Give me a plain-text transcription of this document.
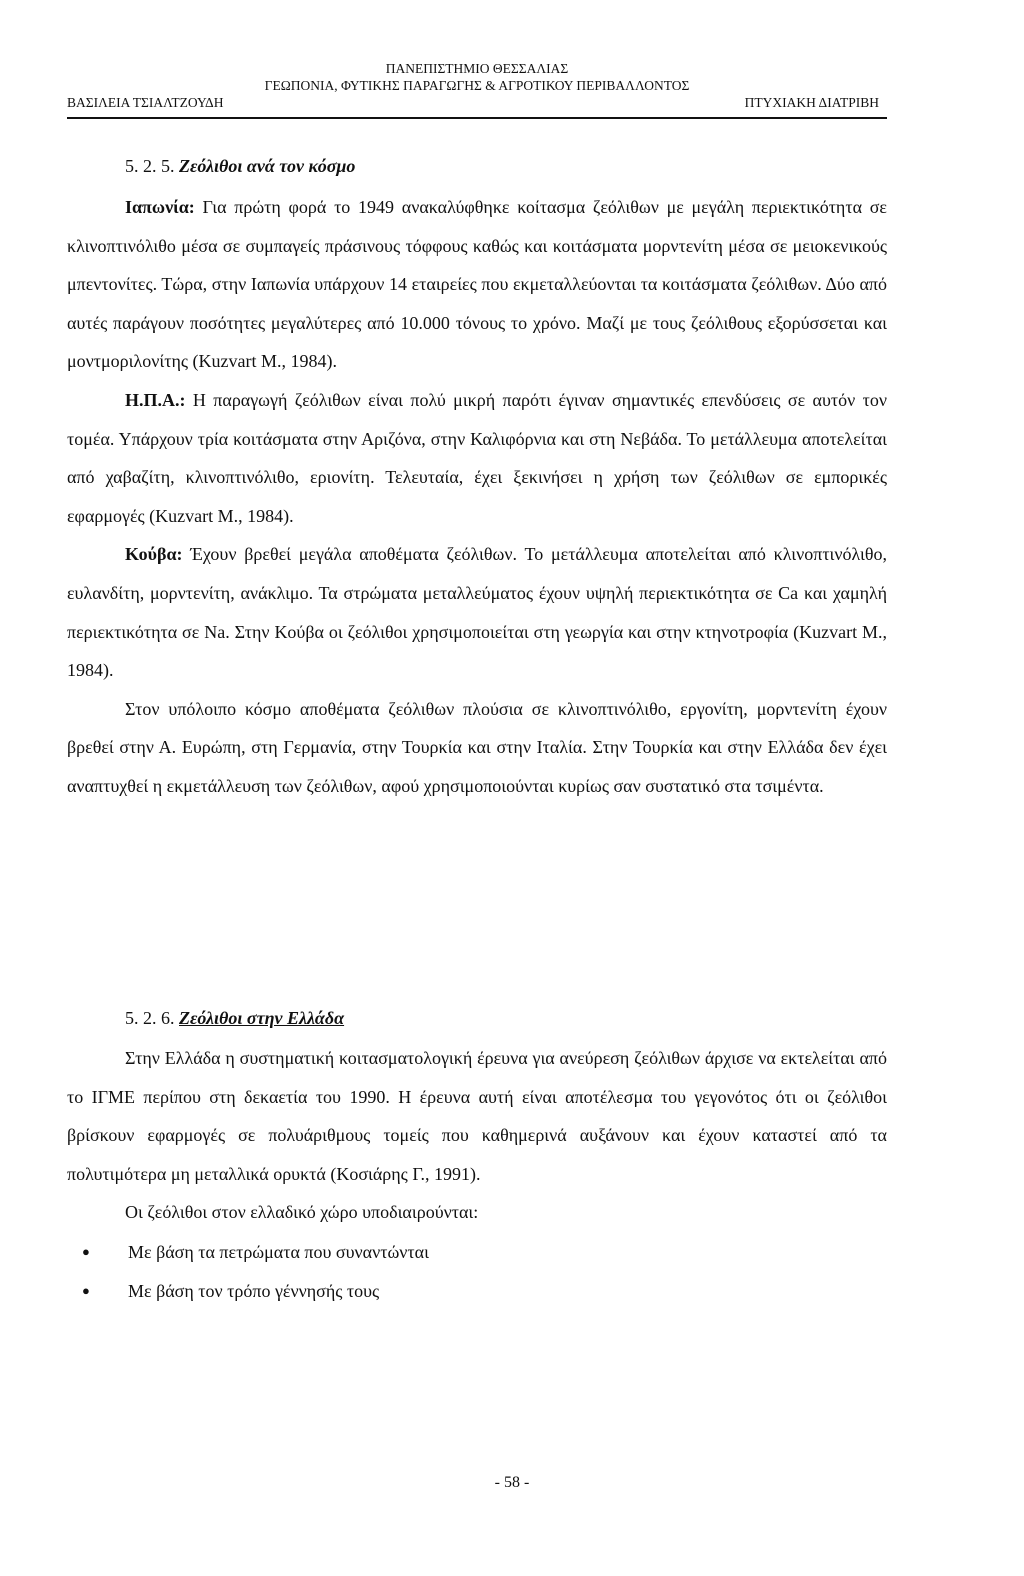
ΠΑΝΕΠΙΣΤΗΜΙΟ ΘΕΣΣΑΛΙΑΣ
ΓΕΩΠΟΝΙΑ, ΦΥΤΙΚΗΣ ΠΑΡΑΓΩΓΗΣ & ΑΓΡΟΤΙΚΟΥ ΠΕΡΙΒΑΛΛΟΝΤΟΣ
ΒΑΣΙΛΕΙΑ ΤΣΙΑΛΤΖΟΥΔΗ	ΠΤΥΧΙΑΚΗ ΔΙΑΤΡΙΒΗ
5. 2. 5. Ζεόλιθοι ανά τον κόσμο

Ιαπωνία: Για πρώτη φορά το 1949 ανακαλύφθηκε κοίτασμα ζεόλιθων με μεγάλη περιεκτικότητα σε κλινοπτινόλιθο μέσα σε συμπαγείς πράσινους τόφφους καθώς και κοιτάσματα μορντενίτη μέσα σε μειοκενικούς μπεντονίτες. Τώρα, στην Ιαπωνία υπάρχουν 14 εταιρείες που εκμεταλλεύονται τα κοιτάσματα ζεόλιθων. Δύο από αυτές παράγουν ποσότητες μεγαλύτερες από 10.000 τόνους το χρόνο. Μαζί με τους ζεόλιθους εξορύσσεται και μοντμοριλονίτης (Kuzvart M., 1984).

Η.Π.Α.: Η παραγωγή ζεόλιθων είναι πολύ μικρή παρότι έγιναν σημαντικές επενδύσεις σε αυτόν τον τομέα. Υπάρχουν τρία κοιτάσματα στην Αριζόνα, στην Καλιφόρνια και στη Νεβάδα. Το μετάλλευμα αποτελείται από χαβαζίτη, κλινοπτινόλιθο, εριονίτη. Τελευταία, έχει ξεκινήσει η χρήση των ζεόλιθων σε εμπορικές εφαρμογές (Kuzvart M., 1984).

Κούβα: Έχουν βρεθεί μεγάλα αποθέματα ζεόλιθων. Το μετάλλευμα αποτελείται από κλινοπτινόλιθο, ευλανδίτη, μορντενίτη, ανάκλιμο. Τα στρώματα μεταλλεύματος έχουν υψηλή περιεκτικότητα σε Ca και χαμηλή περιεκτικότητα σε Na. Στην Κούβα οι ζεόλιθοι χρησιμοποιείται στη γεωργία και στην κτηνοτροφία (Kuzvart M., 1984).

Στον υπόλοιπο κόσμο αποθέματα ζεόλιθων πλούσια σε κλινοπτινόλιθο, εργονίτη, μορντενίτη έχουν βρεθεί στην Α. Ευρώπη, στη Γερμανία, στην Τουρκία και στην Ιταλία. Στην Τουρκία και στην Ελλάδα δεν έχει αναπτυχθεί η εκμετάλλευση των ζεόλιθων, αφού χρησιμοποιούνται κυρίως σαν συστατικό στα τσιμέντα.

5. 2. 6. Ζεόλιθοι στην Ελλάδα

Στην Ελλάδα η συστηματική κοιτασματολογική έρευνα για ανεύρεση ζεόλιθων άρχισε να εκτελείται από το ΙΓΜΕ περίπου στη δεκαετία του 1990. Η έρευνα αυτή είναι αποτέλεσμα του γεγονότος ότι οι ζεόλιθοι βρίσκουν εφαρμογές σε πολυάριθμους τομείς που καθημερινά αυξάνουν και έχουν καταστεί από τα πολυτιμότερα μη μεταλλικά ορυκτά (Κοσιάρης Γ., 1991).

Οι ζεόλιθοι στον ελλαδικό χώρο υποδιαιρούνται:

● Με βάση τα πετρώματα που συναντώνται
● Με βάση τον τρόπο γέννησής τους
- 58 -
